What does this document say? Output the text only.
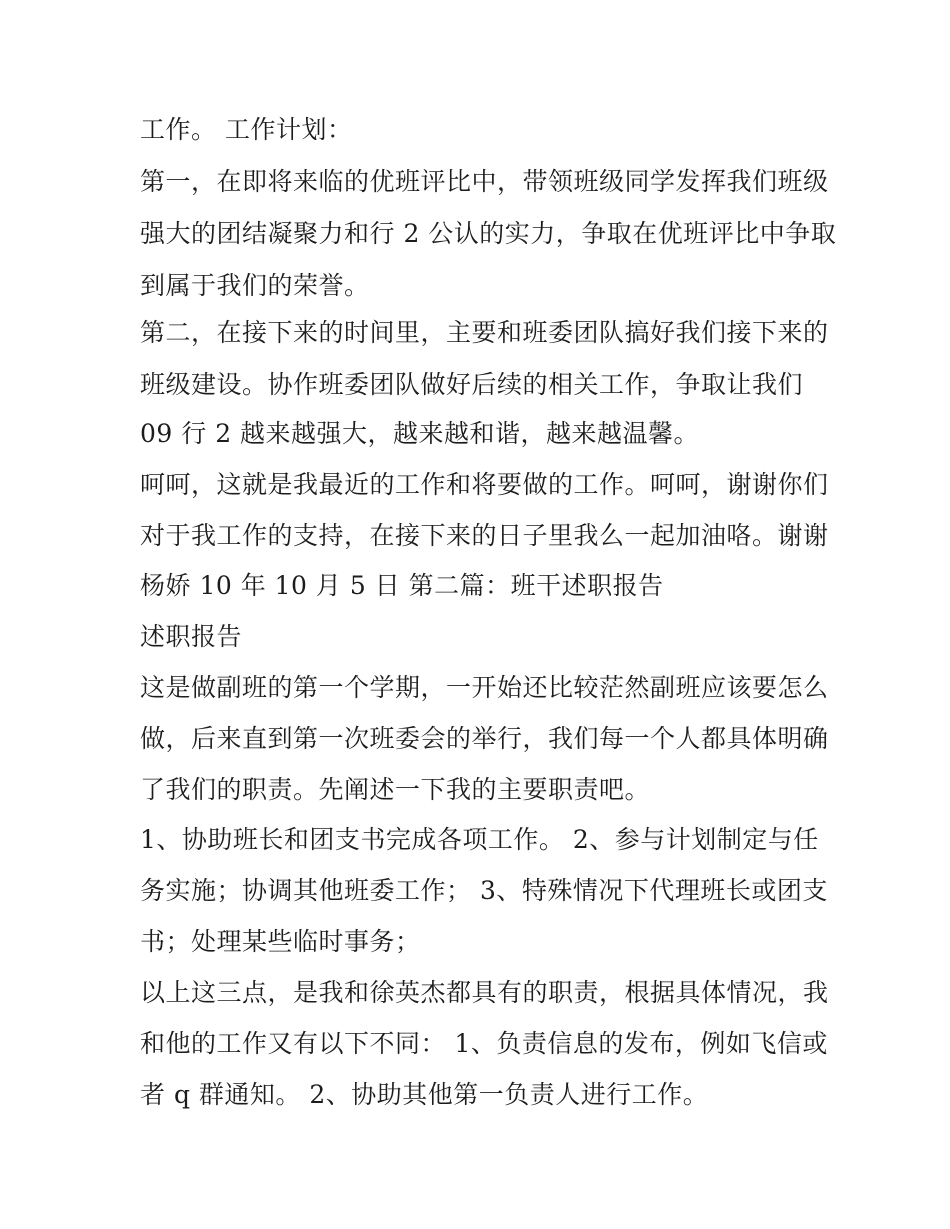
工作。 工作计划：
第一，在即将来临的优班评比中，带领班级同学发挥我们班级
强大的团结凝聚力和行 2 公认的实力，争取在优班评比中争取
到属于我们的荣誉。
第二，在接下来的时间里，主要和班委团队搞好我们接下来的
班级建设。协作班委团队做好后续的相关工作，争取让我们
09 行 2 越来越强大，越来越和谐，越来越温馨。
呵呵，这就是我最近的工作和将要做的工作。呵呵，谢谢你们
对于我工作的支持，在接下来的日子里我么一起加油咯。谢谢
杨娇 10 年 10 月 5 日 第二篇：班干述职报告
述职报告
这是做副班的第一个学期，一开始还比较茫然副班应该要怎么
做，后来直到第一次班委会的举行，我们每一个人都具体明确
了我们的职责。先阐述一下我的主要职责吧。
1、协助班长和团支书完成各项工作。 2、参与计划制定与任
务实施；协调其他班委工作； 3、特殊情况下代理班长或团支
书；处理某些临时事务；
以上这三点，是我和徐英杰都具有的职责，根据具体情况，我
和他的工作又有以下不同： 1、负责信息的发布，例如飞信或
者 q 群通知。 2、协助其他第一负责人进行工作。
